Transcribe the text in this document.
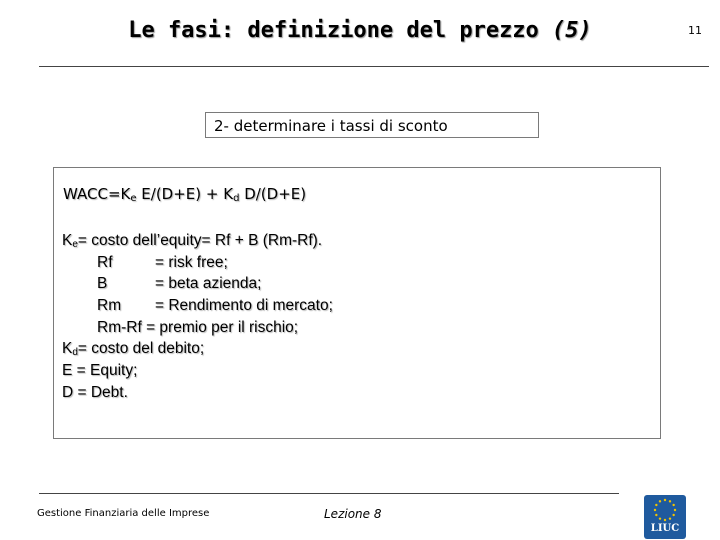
Le fasi: definizione del prezzo (5)	11
2- determinare i tassi di sconto
$WACC=K_e$ $E/(D+E) + K_d$ D/(D+E)
$K_e=$ costo dell’equity= Rf + B (Rm-Rf).
Rf	= risk free;
B	= beta azienda;
Rm = Rendimento di mercato;
Rm-Rf = premio per il rischio;
$K_d=$ costo del debito;
E = Equity;
D = Debt.
Gestione Finanziaria delle Imprese	Lezione 8
LIUC
